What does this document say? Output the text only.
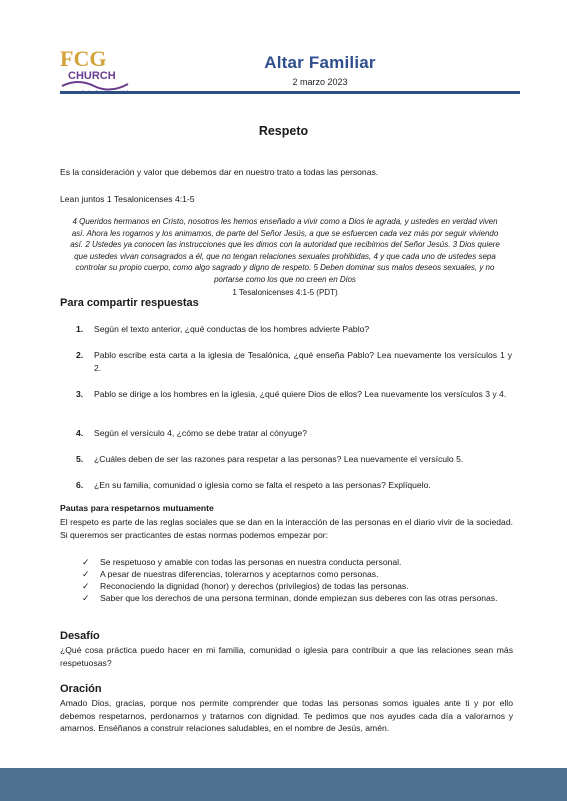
FCG
CHURCH
Altar Familiar
2 marzo 2023
Respeto
Es la consideración y valor que debemos dar en nuestro trato a todas las personas.
Lean juntos 1 Tesalonicenses 4:1-5
4 Queridos hermanos en Cristo, nosotros les hemos enseñado a vivir como a Dios le agrada, y ustedes en verdad viven así. Ahora les rogamos y los animamos, de parte del Señor Jesús, a que se esfuercen cada vez más por seguir viviendo así. 2 Ustedes ya conocen las instrucciones que les dimos con la autoridad que recibimos del Señor Jesús. 3 Dios quiere que ustedes vivan consagrados a él, que no tengan relaciones sexuales prohibidas, 4 y que cada uno de ustedes sepa controlar su propio cuerpo, como algo sagrado y digno de respeto. 5 Deben dominar sus malos deseos sexuales, y no portarse como los que no creen en Dios
1 Tesalonicenses 4:1-5 (PDT)
Para compartir respuestas
1. Según el texto anterior, ¿qué conductas de los hombres advierte Pablo?
2. Pablo escribe esta carta a la iglesia de Tesalónica, ¿qué enseña Pablo? Lea nuevamente los versículos 1 y 2.
3. Pablo se dirige a los hombres en la iglesia, ¿qué quiere Dios de ellos? Lea nuevamente los versículos 3 y 4.
4. Según el versículo 4, ¿cómo se debe tratar al cónyuge?
5. ¿Cuáles deben de ser las razones para respetar a las personas? Lea nuevamente el versículo 5.
6. ¿En su familia, comunidad o iglesia como se falta el respeto a las personas? Explíquelo.
Pautas para respetarnos mutuamente
El respeto es parte de las reglas sociales que se dan en la interacción de las personas en el diario vivir de la sociedad. Si queremos ser practicantes de estas normas podemos empezar por:
✓ Se respetuoso y amable con todas las personas en nuestra conducta personal.
✓ A pesar de nuestras diferencias, tolerarnos y aceptarnos como personas.
✓ Reconociendo la dignidad (honor) y derechos (privilegios) de todas las personas.
✓ Saber que los derechos de una persona terminan, donde empiezan sus deberes con las otras personas.
Desafío
¿Qué cosa práctica puedo hacer en mi familia, comunidad o iglesia para contribuir a que las relaciones sean más respetuosas?
Oración
Amado Dios, gracias, porque nos permite comprender que todas las personas somos iguales ante ti y por ello debemos respetarnos, perdonarnos y tratarnos con dignidad. Te pedimos que nos ayudes cada día a valorarnos y amarnos. Enséñanos a construir relaciones saludables, en el nombre de Jesús, amén.
